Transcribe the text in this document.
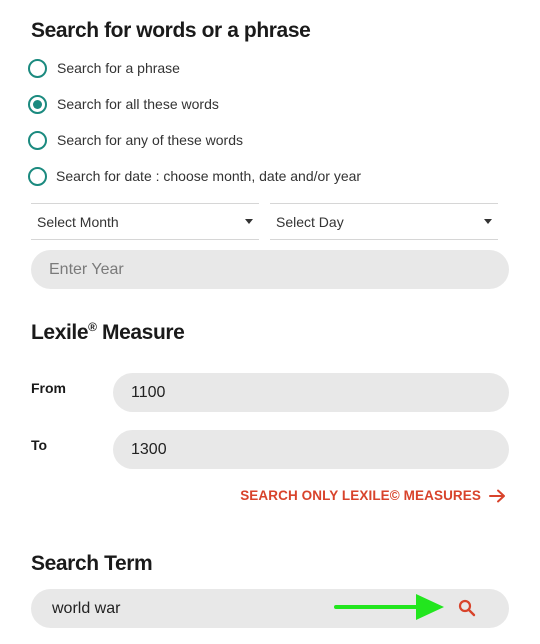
Search for words or a phrase
Search for a phrase
Search for all these words
Search for any of these words
Search for date : choose month, date and/or year
Select Month	Select Day
Enter Year
Lexile® Measure
From	1100
To	1300
SEARCH ONLY LEXILE© MEASURES
Search Term
world war
